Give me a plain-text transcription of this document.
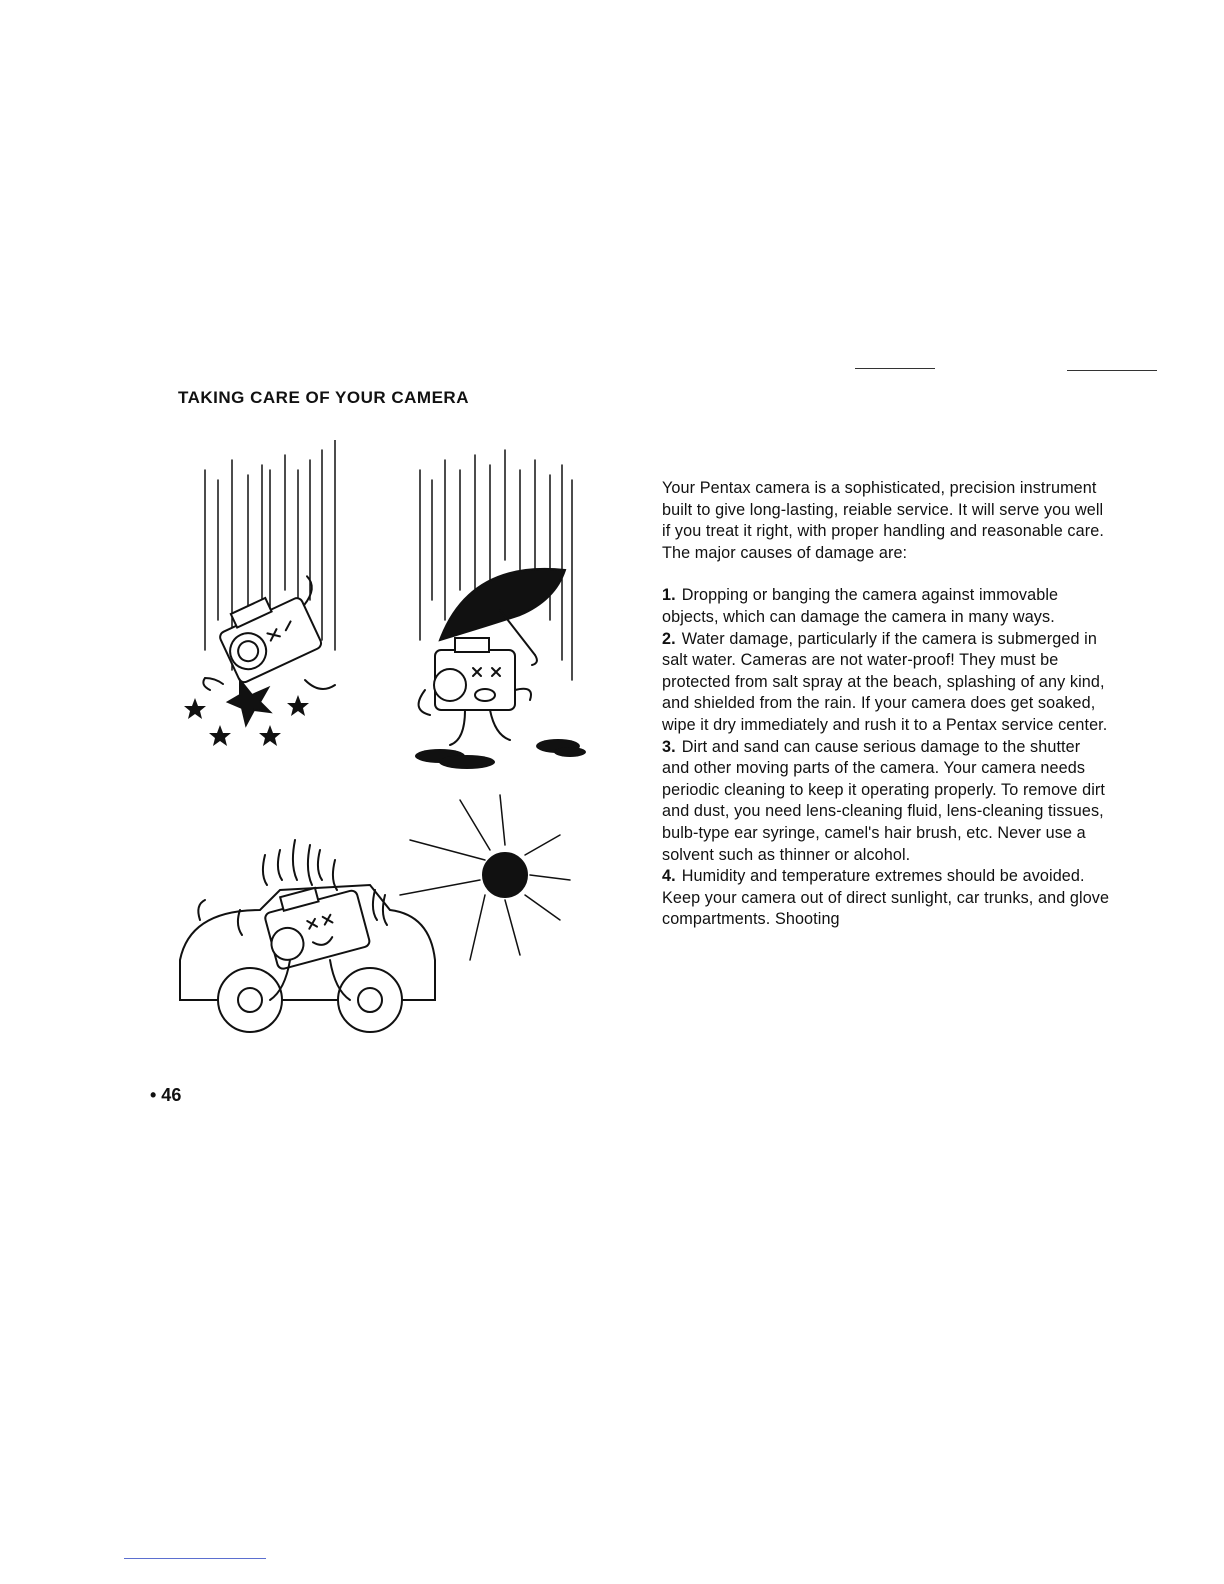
TAKING CARE OF YOUR CAMERA
• 46

Your Pentax camera is a sophisticated, precision instrument built to give long-lasting, reiable service. It will serve you well if you treat it right, with proper handling and reasonable care. The major causes of damage are:

1. Dropping or banging the camera against immovable objects, which can damage the camera in many ways.

2. Water damage, particularly if the camera is submerged in salt water. Cameras are not water-proof! They must be protected from salt spray at the beach, splashing of any kind, and shielded from the rain. If your camera does get soaked, wipe it dry immediately and rush it to a Pentax service center.

3. Dirt and sand can cause serious damage to the shutter and other moving parts of the camera. Your camera needs periodic cleaning to keep it operating properly. To remove dirt and dust, you need lens-cleaning fluid, lens-cleaning tissues, bulb-type ear syringe, camel's hair brush, etc. Never use a solvent such as thinner or alcohol.

4. Humidity and temperature extremes should be avoided. Keep your camera out of direct sunlight, car trunks, and glove compartments. Shooting
